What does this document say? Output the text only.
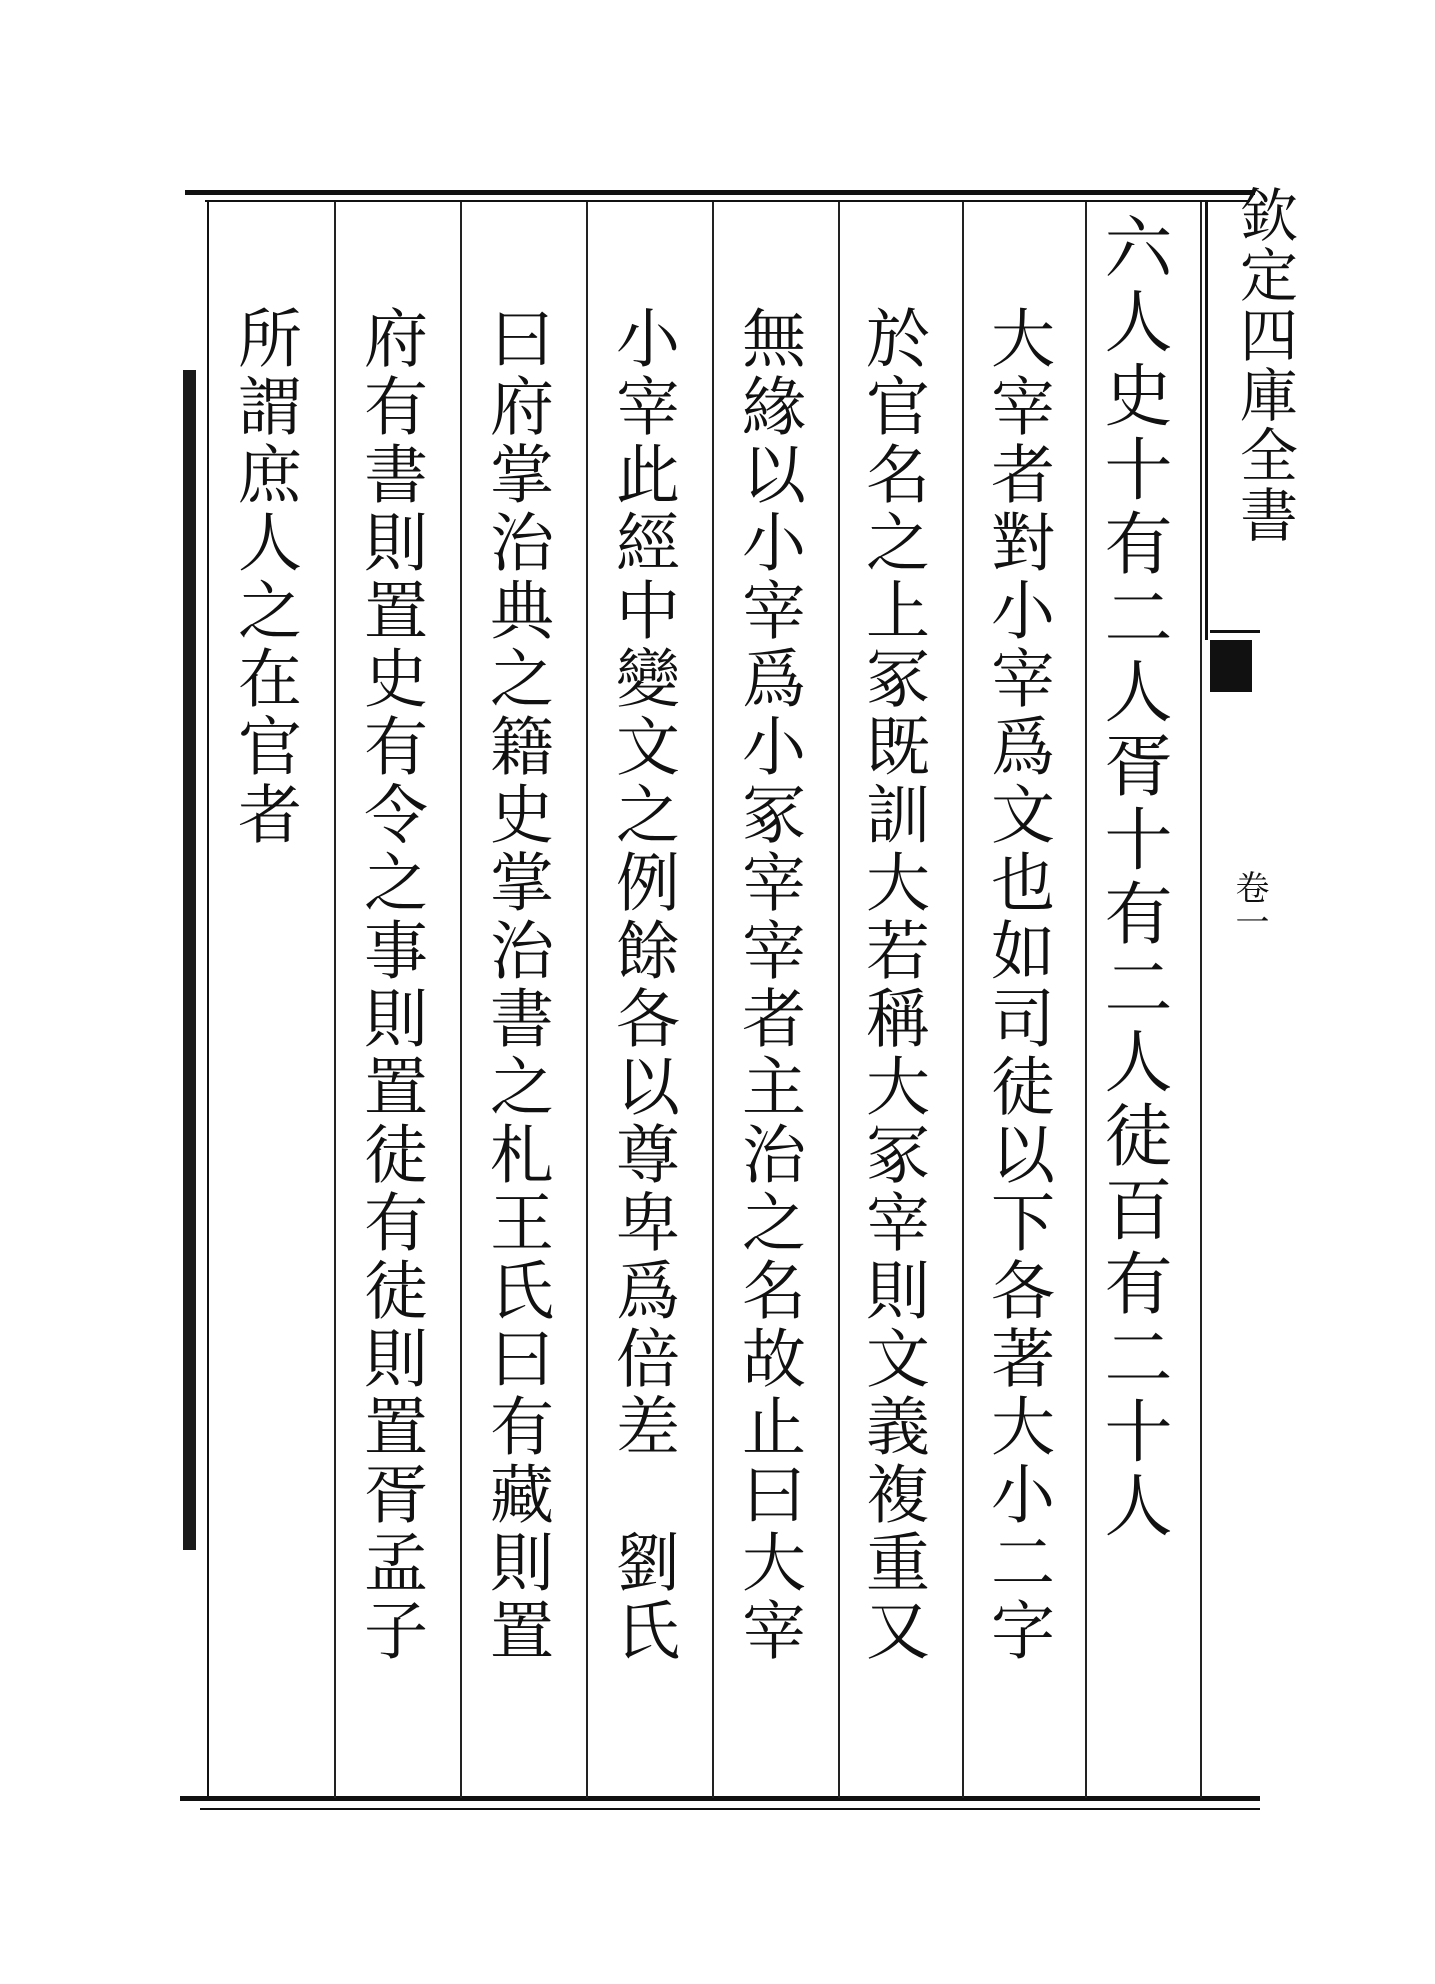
欽定四庫全書
卷一
六人史十有二人胥十有二人徒百有二十人
大宰者對小宰爲文也如司徒以下各著大小二字
於官名之上冢既訓大若稱大冢宰則文義複重又
無緣以小宰爲小冢宰宰者主治之名故止曰大宰
小宰此經中變文之例餘各以尊卑爲倍差　劉氏
曰府掌治典之籍史掌治書之札王氏曰有藏則置
府有書則置史有令之事則置徒有徒則置胥孟子
所謂庶人之在官者
